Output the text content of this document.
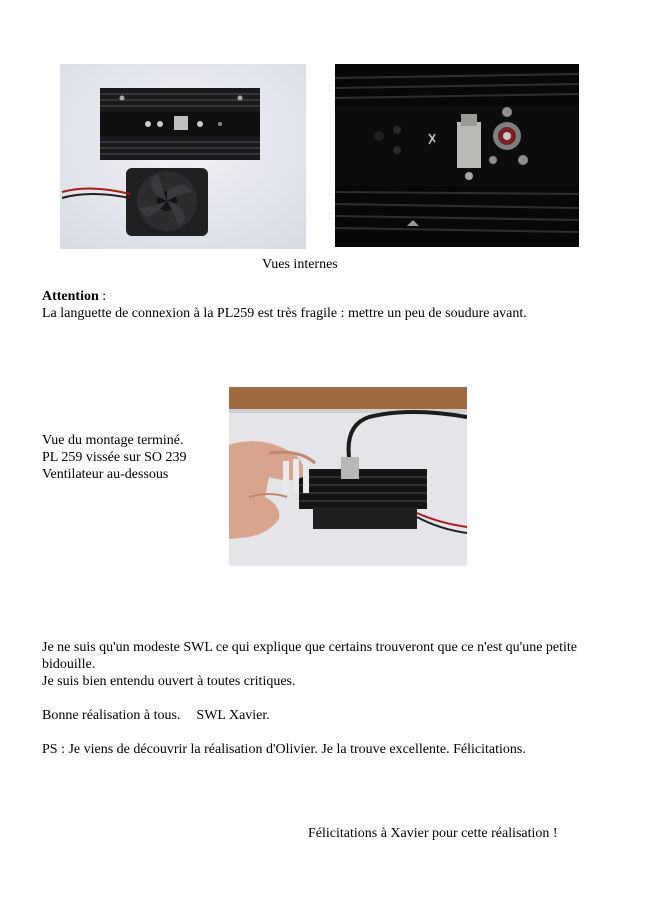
Vues internes

Attention :

La languette de connexion à la PL259 est très fragile : mettre un peu de soudure avant.

Vue du montage terminé.

PL 259 vissée sur SO 239

Ventilateur au-dessous

Je ne suis qu'un modeste SWL ce qui explique que certains trouveront que ce n'est qu'une petite bidouille.

Je suis bien entendu ouvert à toutes critiques.

Bonne réalisation à tous. SWL Xavier.

PS : Je viens de découvrir la réalisation d'Olivier. Je la trouve excellente. Félicitations.

Félicitations à Xavier pour cette réalisation !
